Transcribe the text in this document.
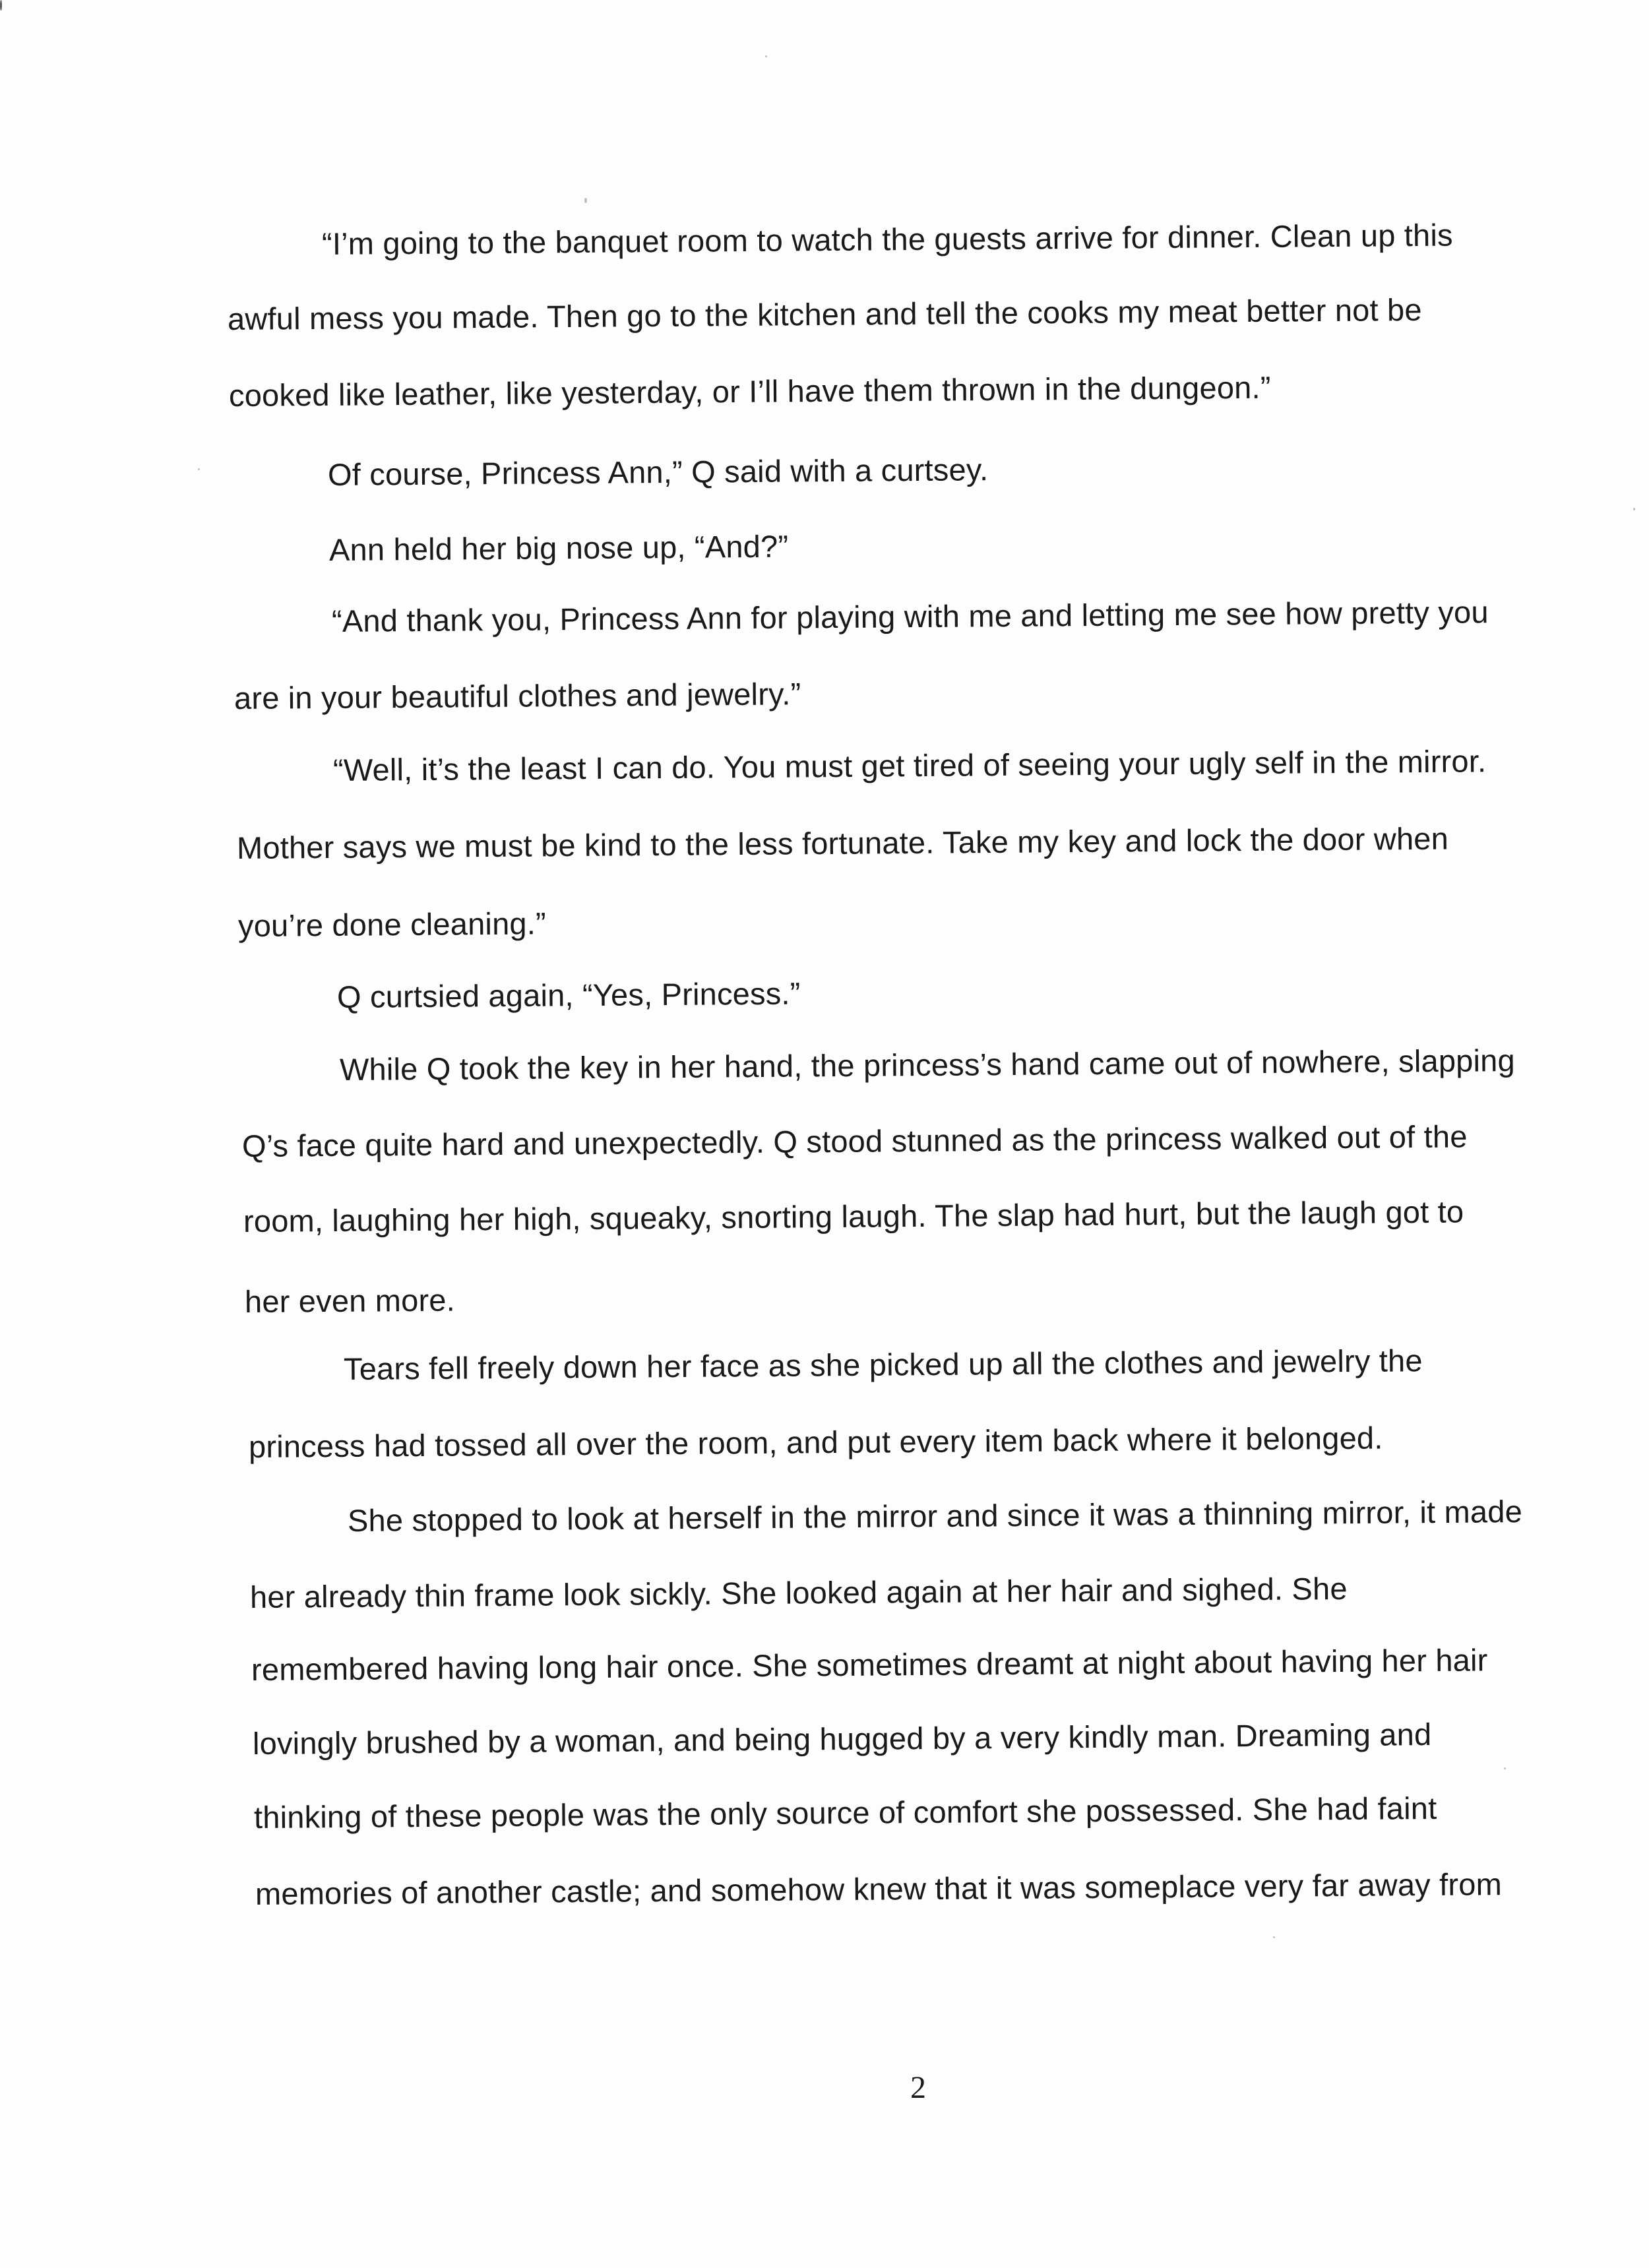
“I’m going to the banquet room to watch the guests arrive for dinner. Clean up this
awful mess you made. Then go to the kitchen and tell the cooks my meat better not be
cooked like leather, like yesterday, or I’ll have them thrown in the dungeon.”
Of course, Princess Ann,” Q said with a curtsey.
Ann held her big nose up, “And?”
“And thank you, Princess Ann for playing with me and letting me see how pretty you
are in your beautiful clothes and jewelry.”
“Well, it’s the least I can do. You must get tired of seeing your ugly self in the mirror.
Mother says we must be kind to the less fortunate. Take my key and lock the door when
you’re done cleaning.”
Q curtsied again, “Yes, Princess.”
While Q took the key in her hand, the princess’s hand came out of nowhere, slapping
Q’s face quite hard and unexpectedly. Q stood stunned as the princess walked out of the
room, laughing her high, squeaky, snorting laugh. The slap had hurt, but the laugh got to
her even more.
Tears fell freely down her face as she picked up all the clothes and jewelry the
princess had tossed all over the room, and put every item back where it belonged.
She stopped to look at herself in the mirror and since it was a thinning mirror, it made
her already thin frame look sickly. She looked again at her hair and sighed. She
remembered having long hair once. She sometimes dreamt at night about having her hair
lovingly brushed by a woman, and being hugged by a very kindly man. Dreaming and
thinking of these people was the only source of comfort she possessed. She had faint
memories of another castle; and somehow knew that it was someplace very far away from
2
